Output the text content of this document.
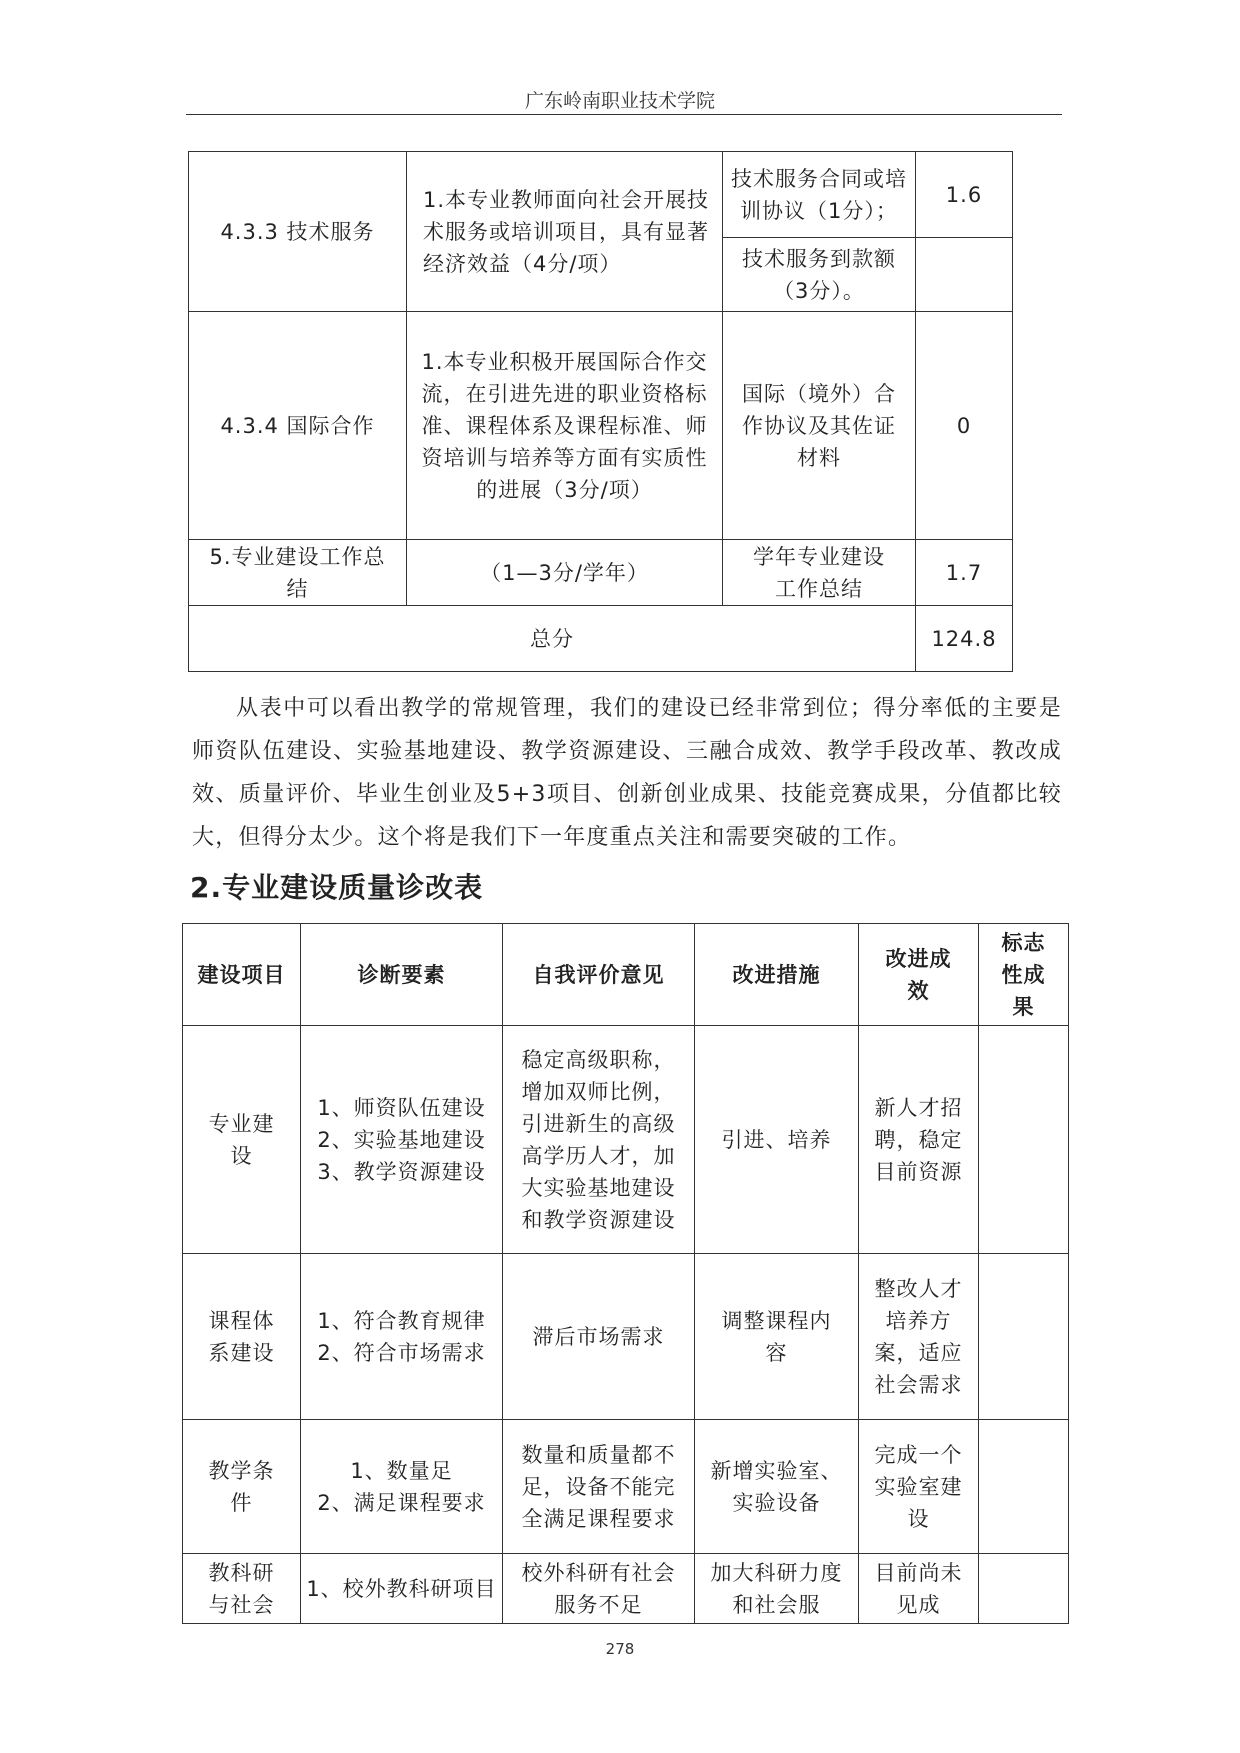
广东岭南职业技术学院
4.3.3 技术服务	1.本专业教师面向社会开展技术服务或培训项目，具有显著经济效益（4分/项）	技术服务合同或培训协议（1分）；	1.6
		技术服务到款额（3分）。	
4.3.4 国际合作	1.本专业积极开展国际合作交流，在引进先进的职业资格标准、课程体系及课程标准、师资培训与培养等方面有实质性的进展（3分/项）	国际（境外）合作协议及其佐证材料	0
5.专业建设工作总结	（1—3分/学年）	学年专业建设工作总结	1.7
总分			124.8

从表中可以看出教学的常规管理，我们的建设已经非常到位；得分率低的主要是师资队伍建设、实验基地建设、教学资源建设、三融合成效、教学手段改革、教改成效、质量评价、毕业生创业及5+3项目、创新创业成果、技能竞赛成果，分值都比较大，但得分太少。这个将是我们下一年度重点关注和需要突破的工作。

2.专业建设质量诊改表
建设项目	诊断要素	自我评价意见	改进措施	改进成效	标志性成果
专业建设	1、师资队伍建设
2、实验基地建设
3、教学资源建设	稳定高级职称，增加双师比例，引进新生的高级高学历人才，加大实验基地建设和教学资源建设	引进、培养	新人才招聘，稳定目前资源	
课程体系建设	1、符合教育规律
2、符合市场需求	滞后市场需求	调整课程内容	整改人才培养方案，适应社会需求	
教学条件	1、数量足
2、满足课程要求	数量和质量都不足，设备不能完全满足课程要求	新增实验室、实验设备	完成一个实验室建设	
教科研与社会	1、校外教科研项目	校外科研有社会服务不足	加大科研力度和社会服	目前尚未见成	
278
